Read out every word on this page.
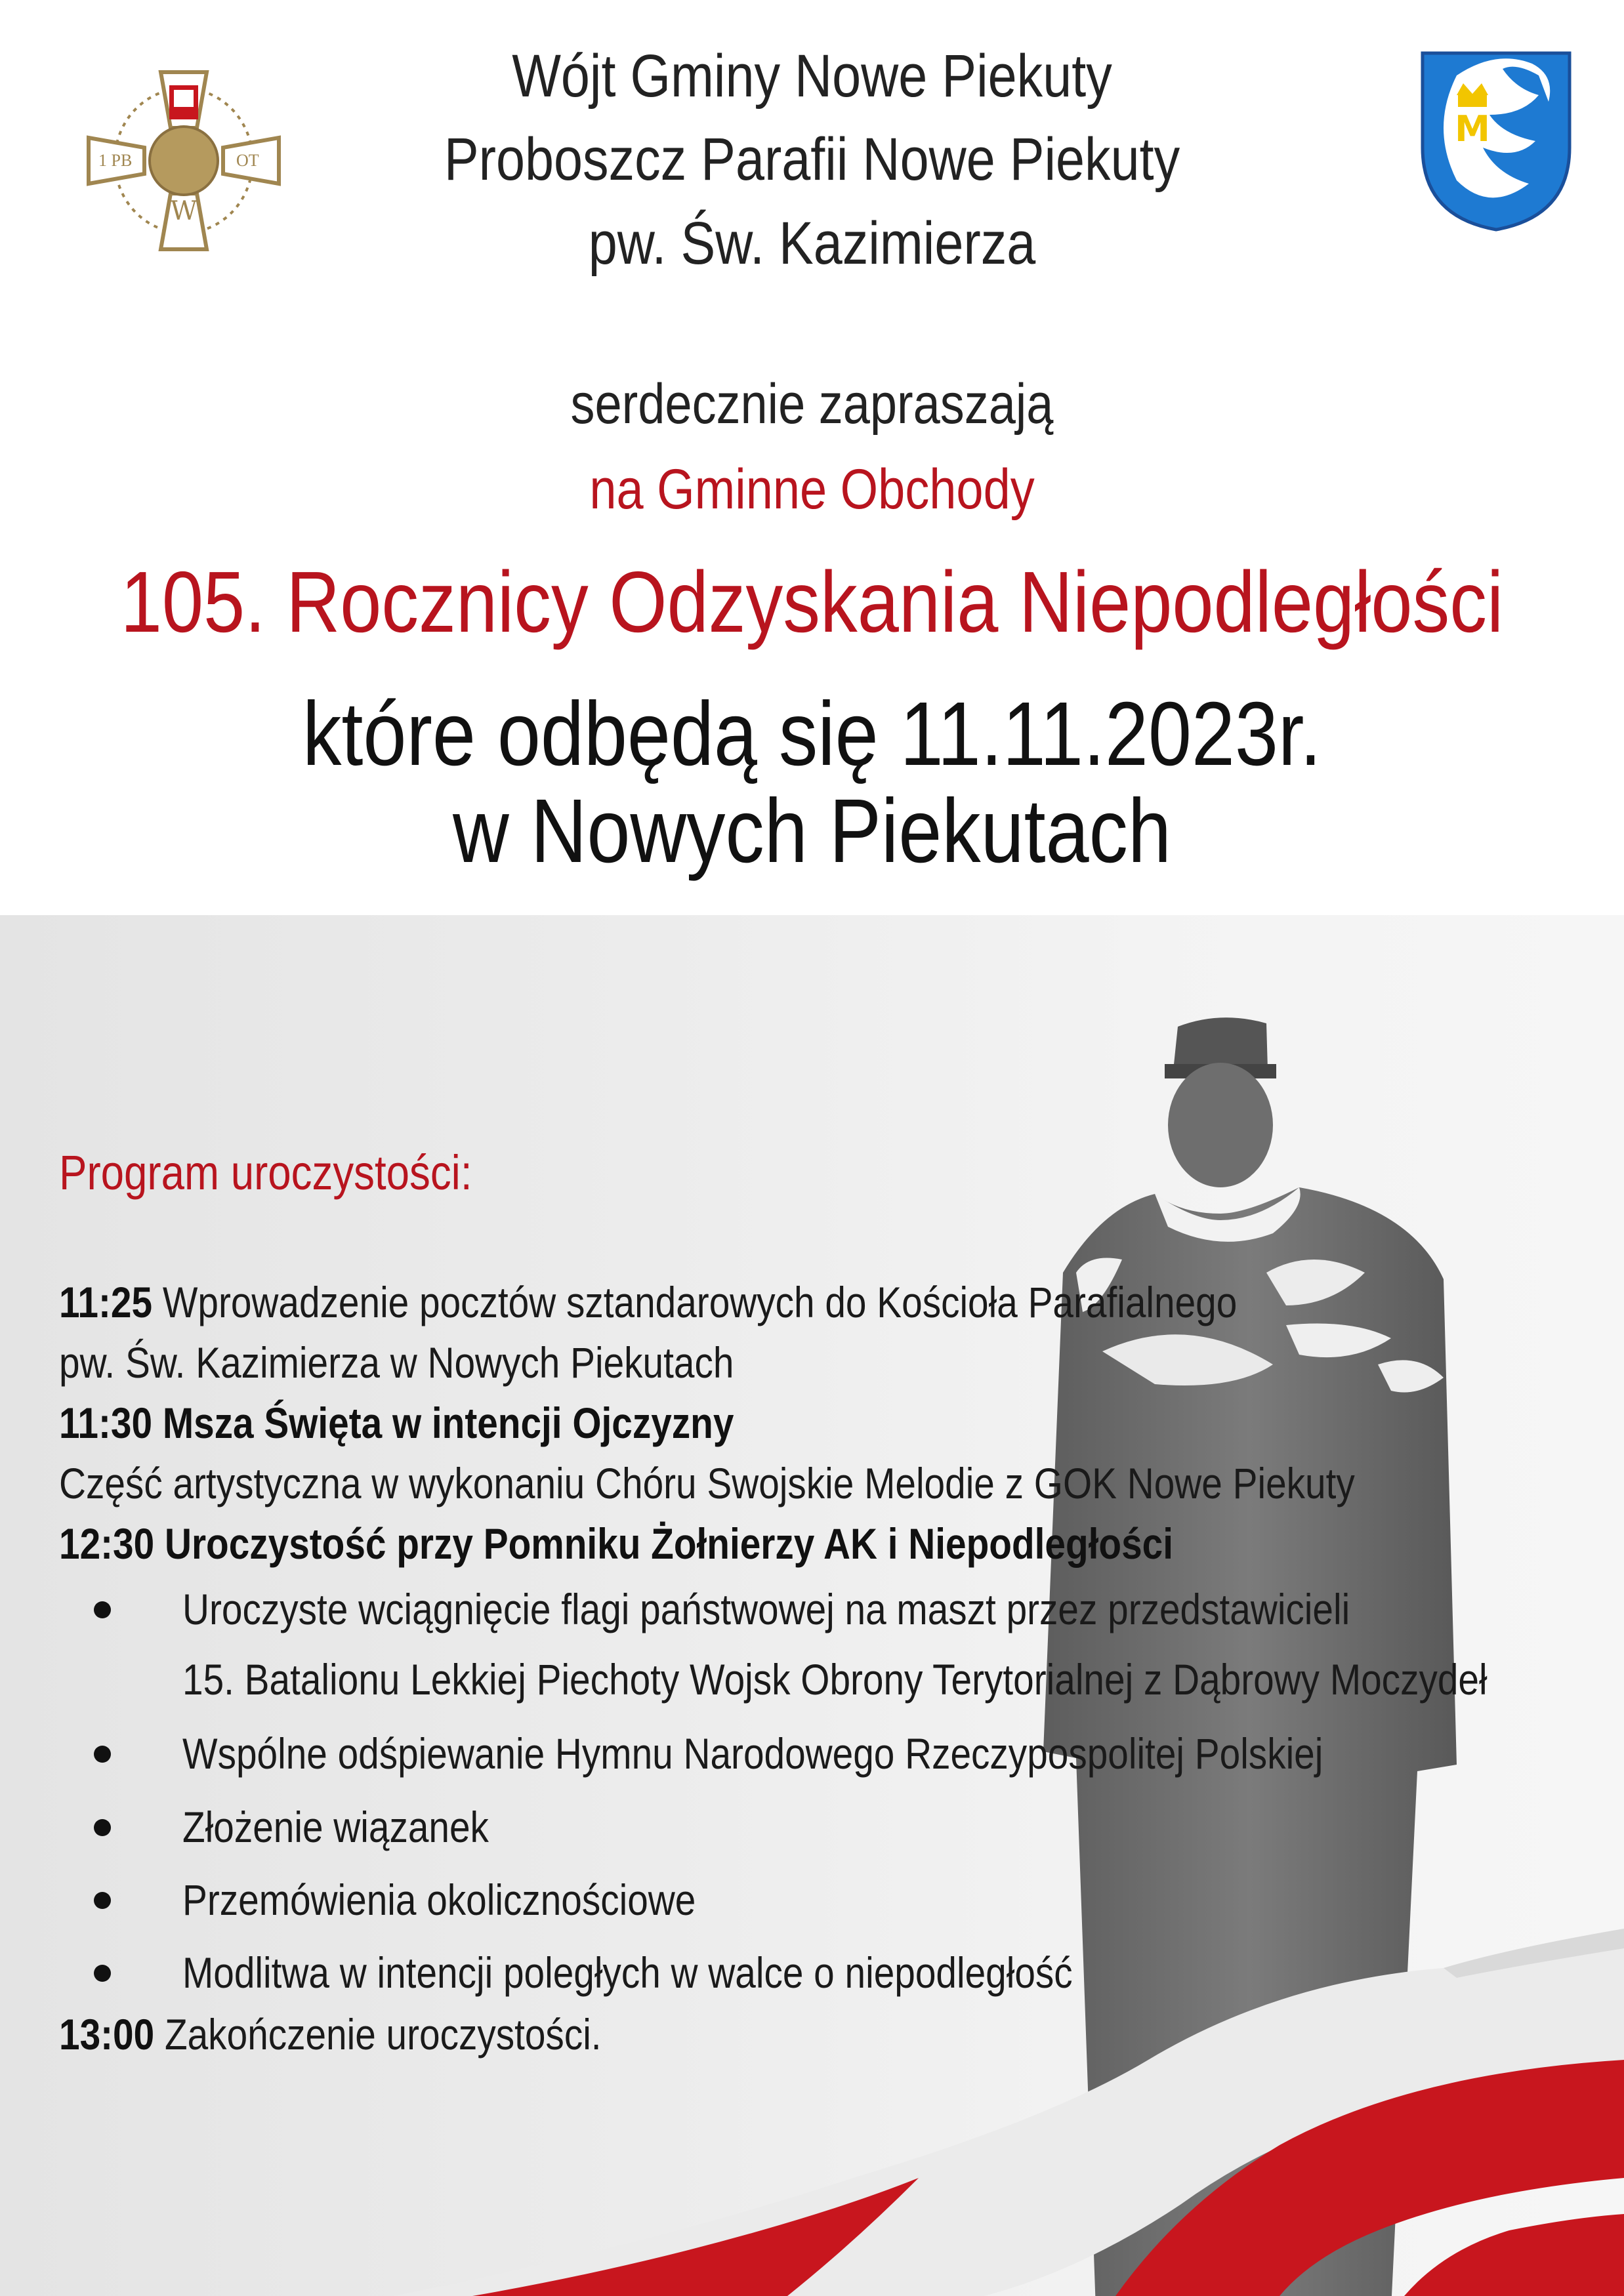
W
1 PB	OT
M
Wójt Gminy Nowe Piekuty
Proboszcz Parafii Nowe Piekuty
pw. Św. Kazimierza
serdecznie zapraszają
na Gminne Obchody
105. Rocznicy Odzyskania Niepodległości
które odbędą się 11.11.2023r.
w Nowych Piekutach
Program uroczystości:
11:25 Wprowadzenie pocztów sztandarowych do Kościoła Parafialnego
pw. Św. Kazimierza w Nowych Piekutach
11:30 Msza Święta w intencji Ojczyzny
Część artystyczna w wykonaniu Chóru Swojskie Melodie z GOK Nowe Piekuty
12:30 Uroczystość przy Pomniku Żołnierzy AK i Niepodległości
Uroczyste wciągnięcie flagi państwowej na maszt przez przedstawicieli
15. Batalionu Lekkiej Piechoty Wojsk Obrony Terytorialnej z Dąbrowy Moczydeł
Wspólne odśpiewanie Hymnu Narodowego Rzeczypospolitej Polskiej
Złożenie wiązanek
Przemówienia okolicznościowe
Modlitwa w intencji poległych w walce o niepodległość
13:00 Zakończenie uroczystości.
